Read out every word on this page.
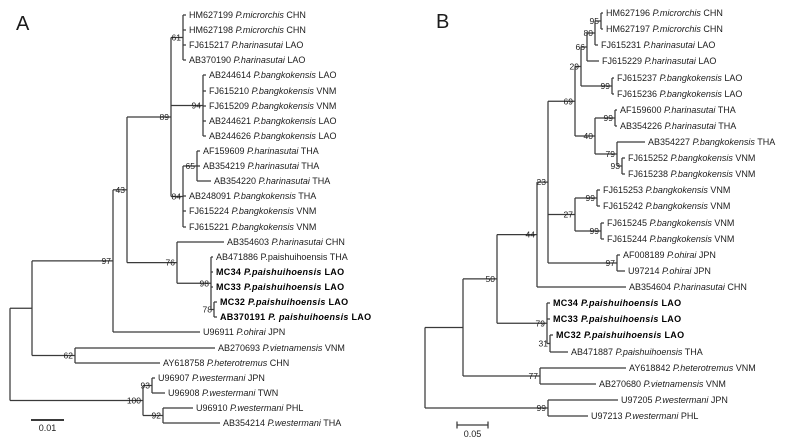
HM627199 P.microrchis CHN
HM627198 P.microrchis CHN
FJ615217 P.harinasutai LAO
AB370190 P.harinasutai LAO
61
AB244614 P.bangkokensis LAO
FJ615210 P.bangkokensis VNM
FJ615209 P.bangkokensis VNM
AB244621 P.bangkokensis LAO
AB244626 P.bangkokensis LAO
94
AF159609 P.harinasutai THA
AB354219 P.harinasutai THA
AB354220 P.harinasutai THA
65
AB248091 P.bangkokensis THA
FJ615224 P.bangkokensis VNM
FJ615221 P.bangkokensis VNM
84
89
AB354603 P.harinasutai CHN
AB471886 P.paishuihoensis THA
MC34 P.paishuihoensis LAO
MC33 P.paishuihoensis LAO
MC32 P.paishuihoensis LAO
AB370191 P. paishuihoensis LAO
78
98
76
43
U96911 P.ohirai JPN
97
AB270693 P.vietnamensis VNM
AY618758 P.heterotremus CHN
62
U96907 P.westermani JPN
U96908 P.westermani TWN
93
U96910 P.westermani PHL
AB354214 P.westermani THA
92
100
A
0.01
HM627196 P.microrchis CHN
HM627197 P.microrchis CHN
95
FJ615231 P.harinasutai LAO
80
FJ615229 P.harinasutai LAO
66
FJ615237 P.bangkokensis LAO
FJ615236 P.bangkokensis LAO
99
29
AF159600 P.harinasutai THA
AB354226 P.harinasutai THA
99
AB354227 P.bangkokensis THA
FJ615252 P.bangkokensis VNM
FJ615238 P.bangkokensis VNM
93
79
40
69
FJ615253 P.bangkokensis VNM
FJ615242 P.bangkokensis VNM
99
FJ615245 P.bangkokensis VNM
FJ615244 P.bangkokensis VNM
99
27
AF008189 P.ohirai JPN
U97214 P.ohirai JPN
97
23
AB354604 P.harinasutai CHN
44
MC34 P.paishuihoensis LAO
MC33 P.paishuihoensis LAO
MC32 P.paishuihoensis LAO
AB471887 P.paishuihoensis THA
31
79
50
AY618842 P.heterotremus VNM
AB270680 P.vietnamensis VNM
77
U97205 P.westermani JPN
U97213 P.westermani PHL
99
B
0.05
